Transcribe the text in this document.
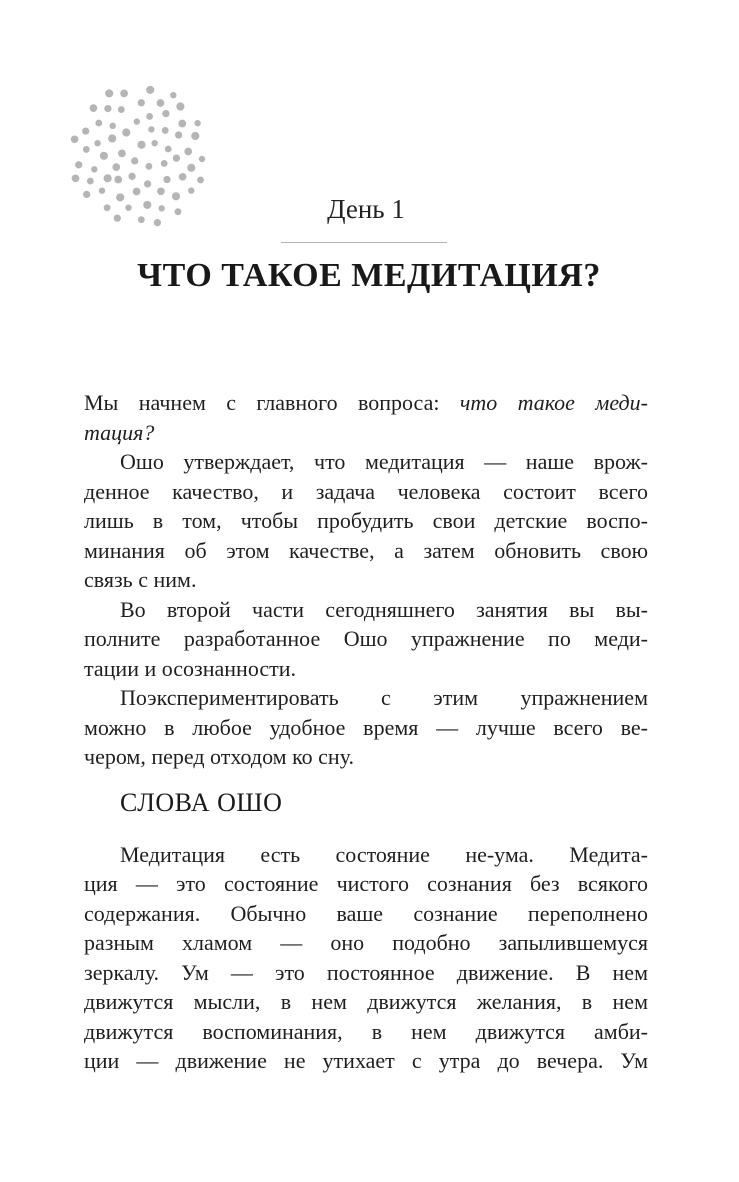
День 1
ЧТО ТАКОЕ МЕДИТАЦИЯ?
Мы начнем с главного вопроса: что такое меди-
тация?
Ошо утверждает, что медитация — наше врож-
денное качество, и задача человека состоит всего
лишь в том, чтобы пробудить свои детские воспо-
минания об этом качестве, а затем обновить свою
связь с ним.
Во второй части сегодняшнего занятия вы вы-
полните разработанное Ошо упражнение по меди-
тации и осознанности.
Поэкспериментировать с этим упражнением
можно в любое удобное время — лучше всего ве-
чером, перед отходом ко сну.
СЛОВА ОШО
Медитация есть состояние не-ума. Медита-
ция — это состояние чистого сознания без всякого
содержания. Обычно ваше сознание переполнено
разным хламом — оно подобно запылившемуся
зеркалу. Ум — это постоянное движение. В нем
движутся мысли, в нем движутся желания, в нем
движутся воспоминания, в нем движутся амби-
ции — движение не утихает с утра до вечера. Ум
